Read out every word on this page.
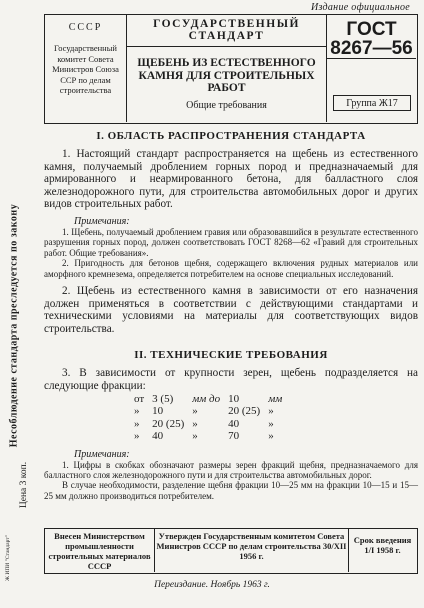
Издание официальное
СССР
Государственный комитет Совета Министров Союза ССР по делам строительства
ГОСУДАРСТВЕННЫЙ СТАНДАРТ
ЩЕБЕНЬ ИЗ ЕСТЕСТВЕННОГО КАМНЯ ДЛЯ СТРОИТЕЛЬНЫХ РАБОТ
Общие требования
ГОСТ
8267—56
Группа Ж17
Несоблюдение стандарта преследуется по закону
Цена 3 коп.
Ж ИПИ "Стандарт"
I. ОБЛАСТЬ РАСПРОСТРАНЕНИЯ СТАНДАРТА

1. Настоящий стандарт распространяется на щебень из естественного камня, получаемый дроблением горных пород и предназначаемый для армированного и неармированного бетона, для балластного слоя железнодорожного пути, для строительства автомобильных дорог и других видов строительных работ.

Примечания:

1. Щебень, получаемый дроблением гравия или образовавшийся в результате естественного разрушения горных пород, должен соответствовать ГОСТ 8268—62 «Гравий для строительных работ. Общие требования».

2. Пригодность для бетонов щебня, содержащего включения рудных материалов или аморфного кремнезема, определяется потребителем на основе специальных исследований.

2. Щебень из естественного камня в зависимости от его назначения должен применяться в соответствии с действующими стандартами и техническими условиями на материалы для соответствующих видов строительства.

II. ТЕХНИЧЕСКИЕ ТРЕБОВАНИЯ

3. В зависимости от крупности зерен, щебень подразделяется на следующие фракции:

от	3 (5)	мм до	10	мм
»	10	»	20 (25)	»
»	20 (25)	»	40	»
»	40	»	70	»
Примечания:

1. Цифры в скобках обозначают размеры зерен фракций щебня, предназначаемого для балластного слоя железнодорожного пути и для строительства автомобильных дорог.

В случае необходимости, разделение щебня фракции 10—25 мм на фракции 10—15 и 15—25 мм должно производиться потребителем.

Внесен Министерством промышленности строительных материалов СССР
Утвержден Государственным комитетом Совета Министров СССР по делам строительства 30/XII 1956 г.
Срок введения
1/I 1958 г.
Переиздание. Ноябрь 1963 г.
